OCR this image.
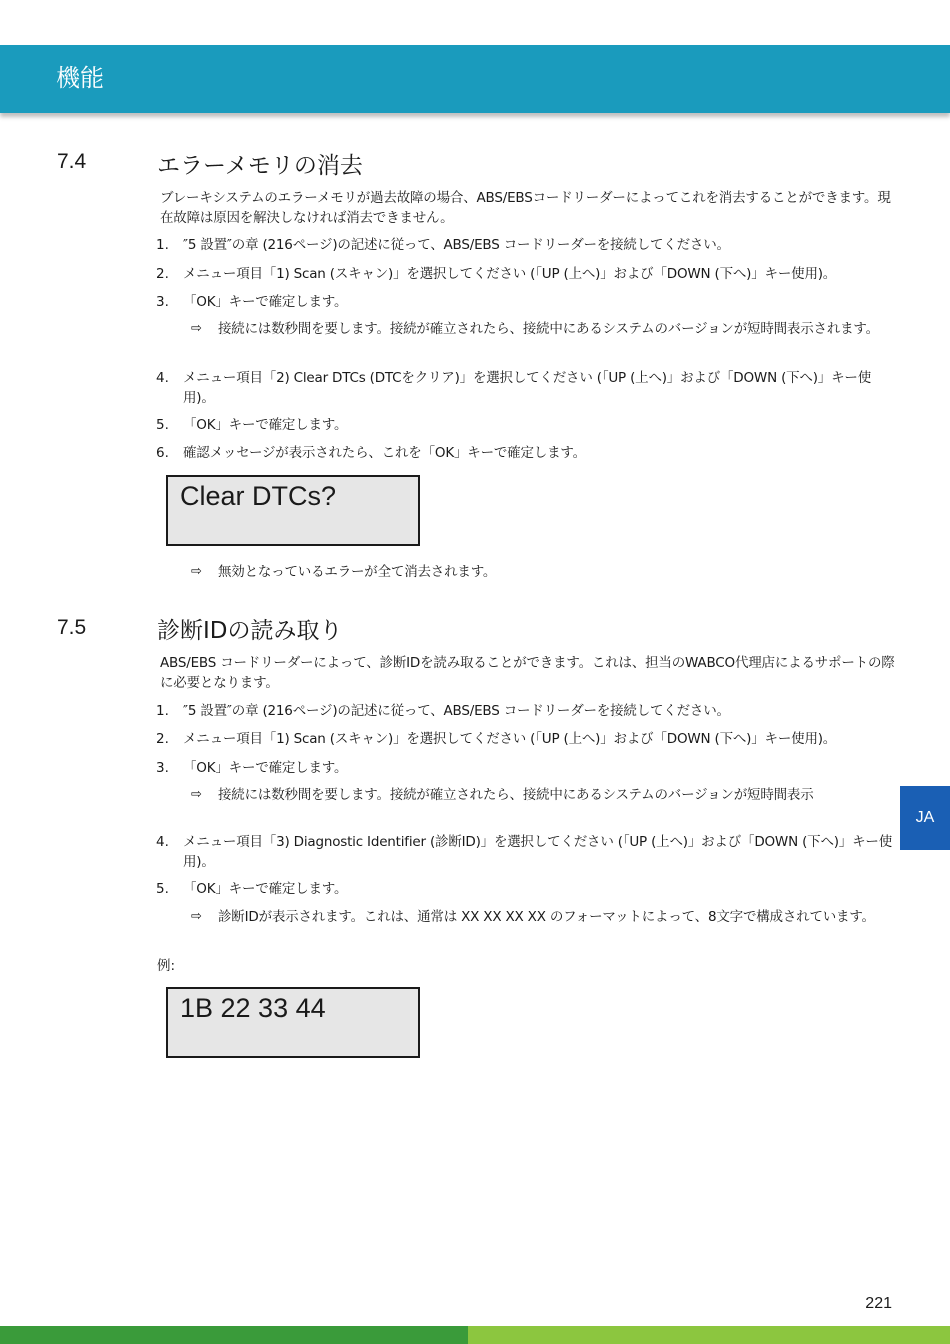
機能
7.4	エラーメモリの消去
ブレーキシステムのエラーメモリが過去故障の場合、ABS/EBSコードリーダーによってこれを消去することができます。現在故障は原因を解決しなければ消去できません。
1. ″5 設置″の章 (216ページ)の記述に従って、ABS/EBS コードリーダーを接続してください。
2. メニュー項目「1) Scan (スキャン)」を選択してください (「UP (上へ)」および「DOWN (下へ)」キー使用)。
3. 「OK」キーで確定します。
⇨ 接続には数秒間を要します。接続が確立されたら、接続中にあるシステムのバージョンが短時間表示されます。
4. メニュー項目「2) Clear DTCs (DTCをクリア)」を選択してください (「UP (上へ)」および「DOWN (下へ)」キー使用)。
5. 「OK」キーで確定します。
6. 確認メッセージが表示されたら、これを「OK」キーで確定します。
Clear DTCs?
⇨ 無効となっているエラーが全て消去されます。
7.5	診断IDの読み取り
ABS/EBS コードリーダーによって、診断IDを読み取ることができます。これは、担当のWABCO代理店によるサポートの際に必要となります。
1. ″5 設置″の章 (216ページ)の記述に従って、ABS/EBS コードリーダーを接続してください。
2. メニュー項目「1) Scan (スキャン)」を選択してください (「UP (上へ)」および「DOWN (下へ)」キー使用)。
3. 「OK」キーで確定します。
⇨ 接続には数秒間を要します。接続が確立されたら、接続中にあるシステムのバージョンが短時間表示
4. メニュー項目「3) Diagnostic Identifier (診断ID)」を選択してください (「UP (上へ)」および「DOWN (下へ)」キー使用)。
5. 「OK」キーで確定します。
⇨ 診断IDが表示されます。これは、通常は XX XX XX XX のフォーマットによって、8文字で構成されています。
例:
1B 22 33 44
JA
221
